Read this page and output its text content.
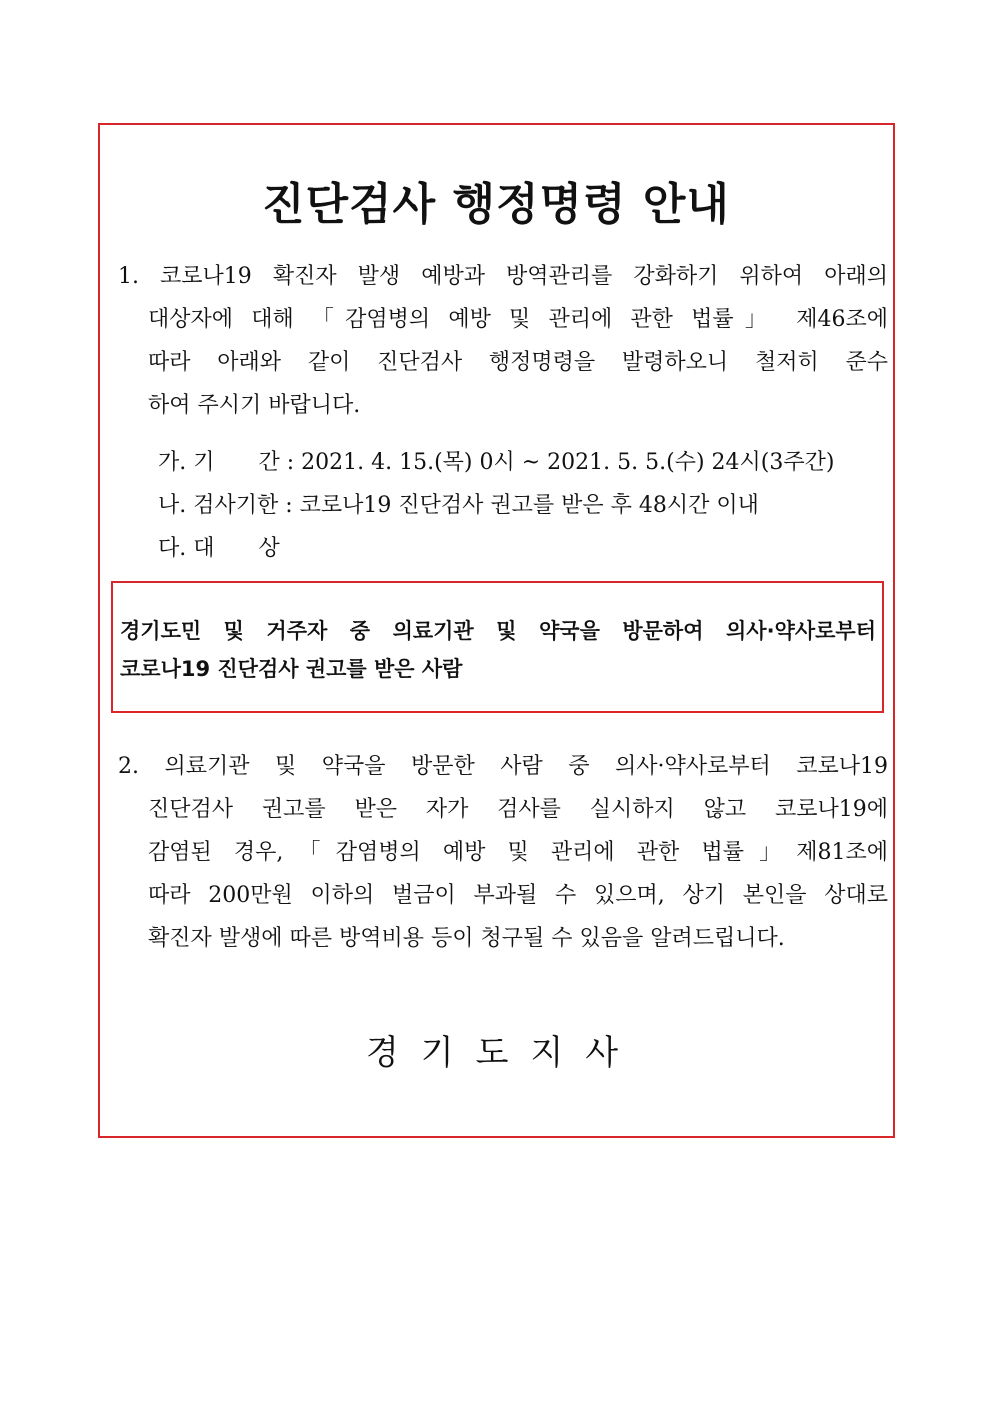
진단검사 행정명령 안내
1. 코로나19 확진자 발생 예방과 방역관리를 강화하기 위하여 아래의
대상자에 대해 「감염병의 예방 및 관리에 관한 법률」 제46조에
따라 아래와 같이 진단검사 행정명령을 발령하오니 철저히 준수
하여 주시기 바랍니다.
가. 기　　간 : 2021. 4. 15.(목) 0시 ~ 2021. 5. 5.(수) 24시(3주간)
나. 검사기한 : 코로나19 진단검사 권고를 받은 후 48시간 이내
다. 대　　상
경기도민 및 거주자 중 의료기관 및 약국을 방문하여 의사·약사로부터
코로나19 진단검사 권고를 받은 사람
2. 의료기관 및 약국을 방문한 사람 중 의사·약사로부터 코로나19
진단검사 권고를 받은 자가 검사를 실시하지 않고 코로나19에
감염된 경우,「감염병의 예방 및 관리에 관한 법률」제81조에
따라 200만원 이하의 벌금이 부과될 수 있으며, 상기 본인을 상대로
확진자 발생에 따른 방역비용 등이 청구될 수 있음을 알려드립니다.

경기도지사
